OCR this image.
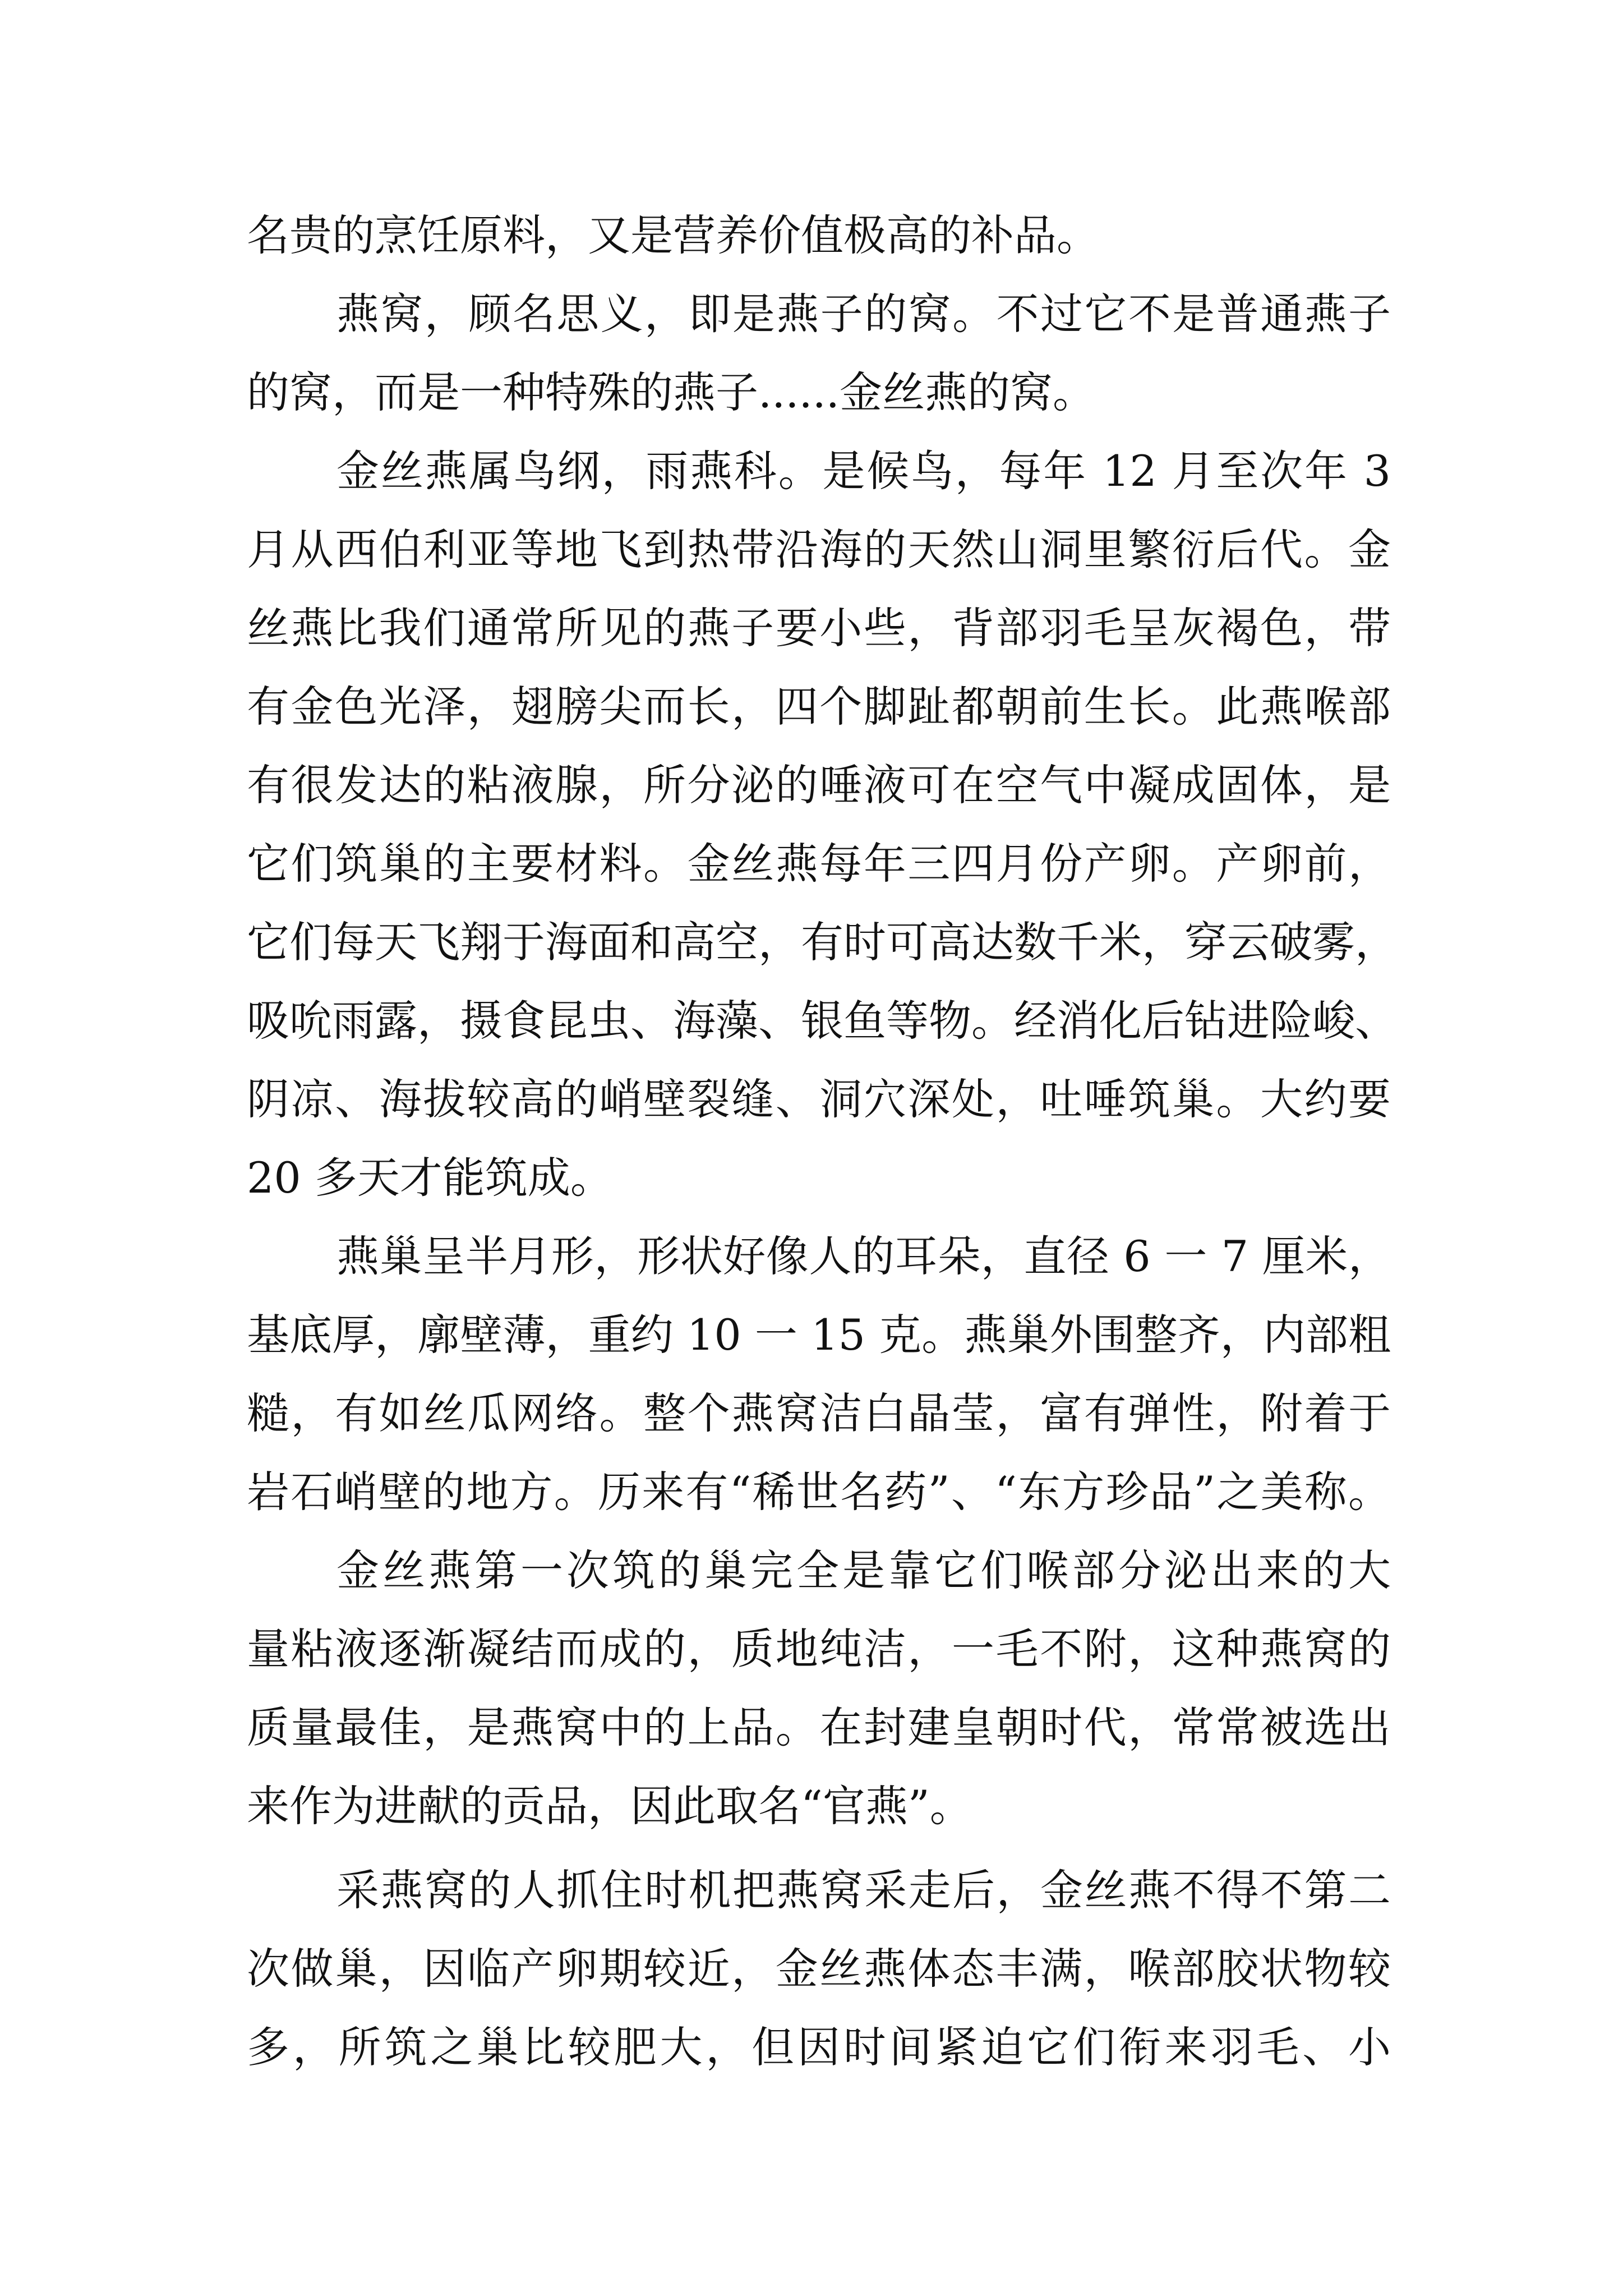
名贵的烹饪原料，又是营养价值极高的补品。
燕窝，顾名思义，即是燕子的窝。不过它不是普通燕子
的窝，而是一种特殊的燕子......金丝燕的窝。
金丝燕属鸟纲，雨燕科。是候鸟，每年 12 月至次年 3
月从西伯利亚等地飞到热带沿海的天然山洞里繁衍后代。金
丝燕比我们通常所见的燕子要小些，背部羽毛呈灰褐色，带
有金色光泽，翅膀尖而长，四个脚趾都朝前生长。此燕喉部
有很发达的粘液腺，所分泌的唾液可在空气中凝成固体，是
它们筑巢的主要材料。金丝燕每年三四月份产卵。产卵前，
它们每天飞翔于海面和高空，有时可高达数千米，穿云破雾，
吸吮雨露，摄食昆虫、海藻、银鱼等物。经消化后钻进险峻、
阴凉、海拔较高的峭壁裂缝、洞穴深处，吐唾筑巢。大约要
20 多天才能筑成。
燕巢呈半月形，形状好像人的耳朵，直径 6 一 7 厘米，
基底厚，廓壁薄，重约 10 一 15 克。燕巢外围整齐，内部粗
糙，有如丝瓜网络。整个燕窝洁白晶莹，富有弹性，附着于
岩石峭壁的地方。历来有“稀世名药”、“东方珍品”之美称。
金丝燕第一次筑的巢完全是靠它们喉部分泌出来的大
量粘液逐渐凝结而成的，质地纯洁，一毛不附，这种燕窝的
质量最佳，是燕窝中的上品。在封建皇朝时代，常常被选出
来作为进献的贡品，因此取名“官燕”。
采燕窝的人抓住时机把燕窝采走后，金丝燕不得不第二
次做巢，因临产卵期较近，金丝燕体态丰满，喉部胶状物较
多，所筑之巢比较肥大，但因时间紧迫它们衔来羽毛、小
